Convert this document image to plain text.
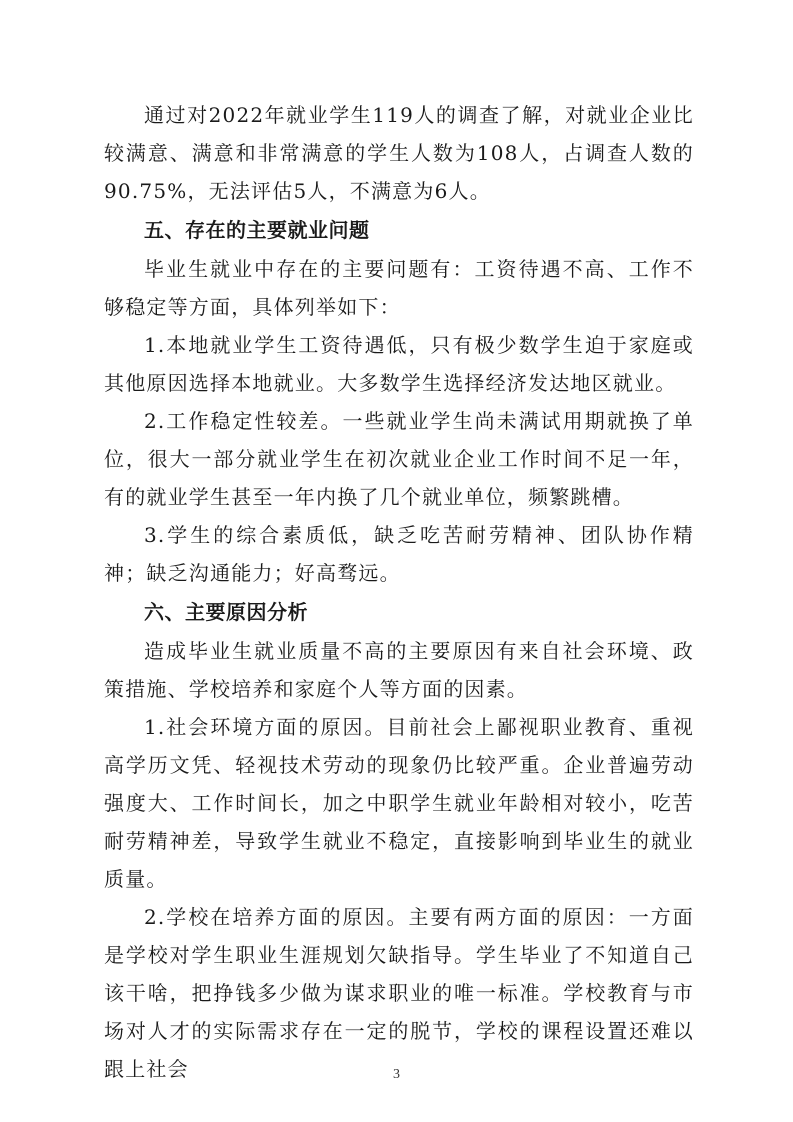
通过对2022年就业学生119人的调查了解，对就业企业比较满意、满意和非常满意的学生人数为108人，占调查人数的90.75%，无法评估5人，不满意为6人。

五、存在的主要就业问题

毕业生就业中存在的主要问题有：工资待遇不高、工作不够稳定等方面，具体列举如下：

1.本地就业学生工资待遇低，只有极少数学生迫于家庭或其他原因选择本地就业。大多数学生选择经济发达地区就业。

2.工作稳定性较差。一些就业学生尚未满试用期就换了单位，很大一部分就业学生在初次就业企业工作时间不足一年，有的就业学生甚至一年内换了几个就业单位，频繁跳槽。

3.学生的综合素质低，缺乏吃苦耐劳精神、团队协作精神；缺乏沟通能力；好高骛远。

六、主要原因分析

造成毕业生就业质量不高的主要原因有来自社会环境、政策措施、学校培养和家庭个人等方面的因素。

1.社会环境方面的原因。目前社会上鄙视职业教育、重视高学历文凭、轻视技术劳动的现象仍比较严重。企业普遍劳动强度大、工作时间长，加之中职学生就业年龄相对较小，吃苦耐劳精神差，导致学生就业不稳定，直接影响到毕业生的就业质量。

2.学校在培养方面的原因。主要有两方面的原因：一方面是学校对学生职业生涯规划欠缺指导。学生毕业了不知道自己该干啥，把挣钱多少做为谋求职业的唯一标准。学校教育与市场对人才的实际需求存在一定的脱节，学校的课程设置还难以跟上社会	3
